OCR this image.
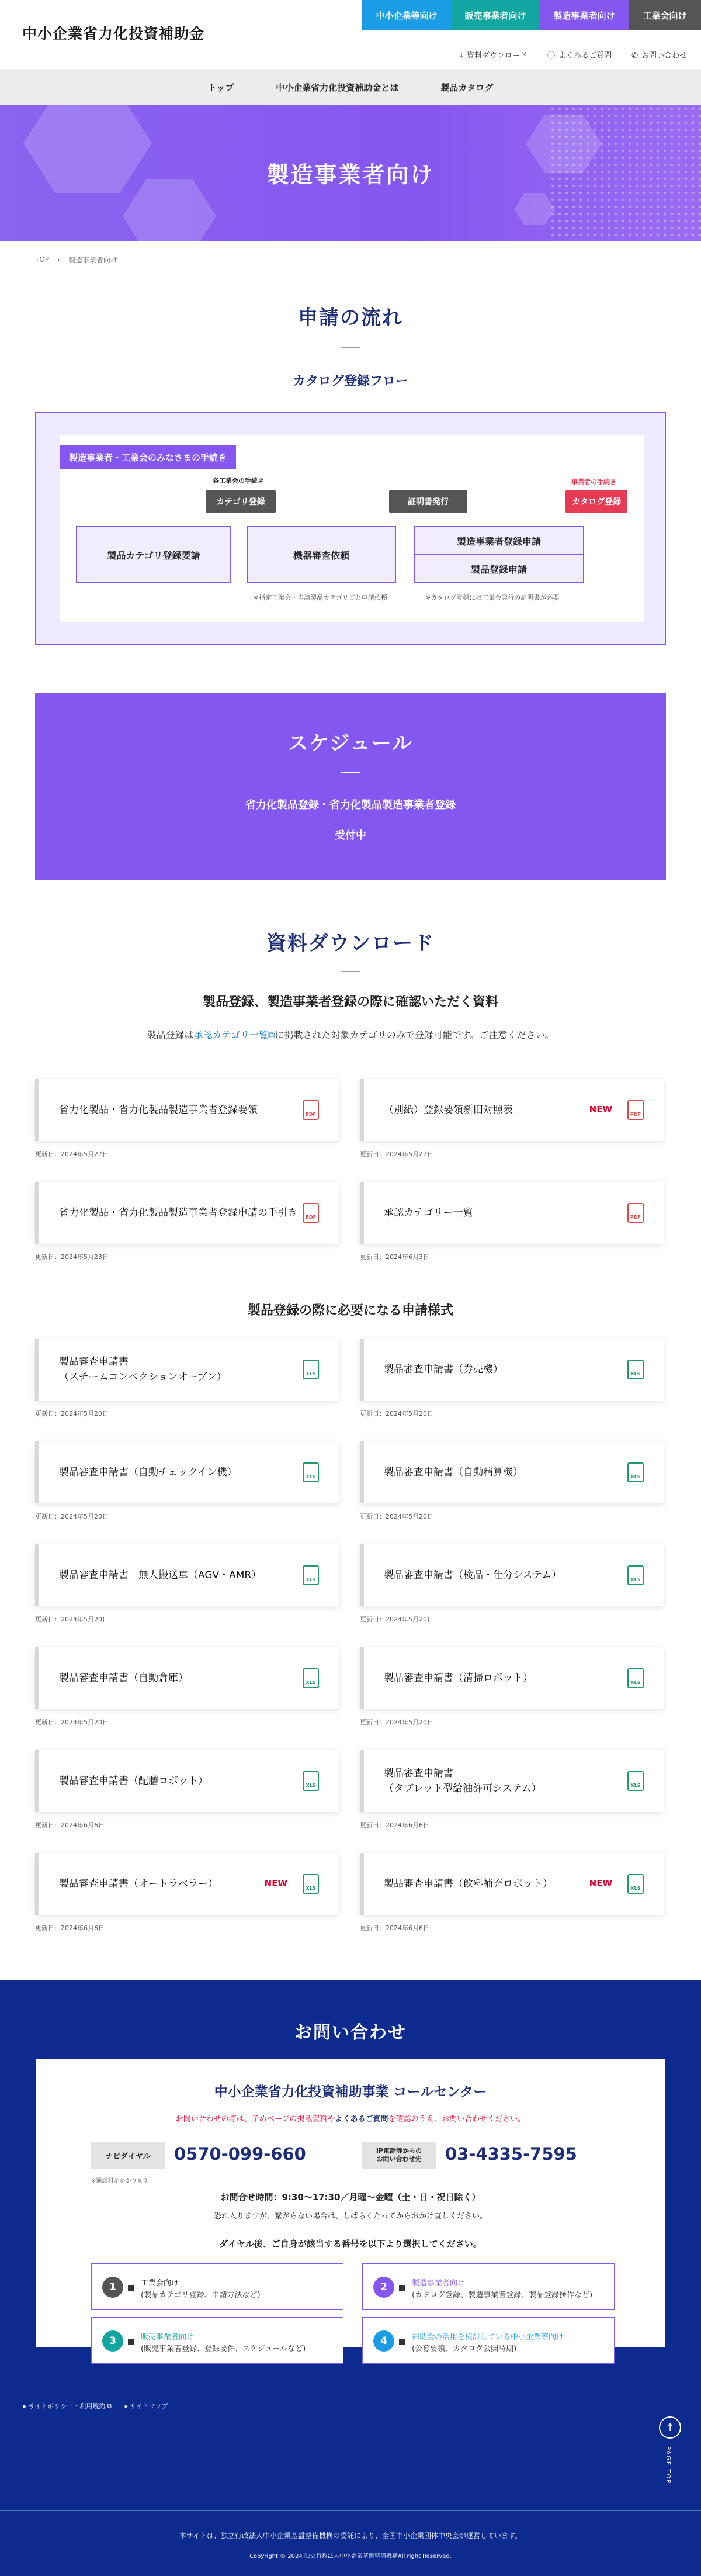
中小企業省力化投資補助金
中小企業等向け	販売事業者向け	製造事業者向け	工業会向け
⤓ 資料ダウンロード	ⓘ よくあるご質問	✆ お問い合わせ
トップ	中小企業省力化投資補助金とは	製品カタログ
製造事業者向け
TOP › 製造事業者向け
申請の流れ
カタログ登録フロー
製造事業者・工業会のみなさまの手続き
各工業会の手続き
カテゴリ登録	証明書発行
事業者の手続き
カタログ登録
製品カテゴリ登録要請	機器審査依頼
製造事業者登録申請
製品登録申請
※指定工業会・当該製品カテゴリごと申請依頼	※カタログ登録には工業会発行の証明書が必要
スケジュール
省力化製品登録・省力化製品製造事業者登録
受付中
資料ダウンロード
製品登録、製造事業者登録の際に確認いただく資料
製品登録は承認カテゴリ一覧⧉に掲載された対象カテゴリのみで登録可能です。ご注意ください。
省力化製品・省力化製品製造事業者登録要領	PDF
更新日：2024年5月27日
（別紙）登録要領新旧対照表	NEW	PDF
更新日：2024年5月27日
省力化製品・省力化製品製造事業者登録申請の手引き	PDF
更新日：2024年5月23日
承認カテゴリー一覧	PDF
更新日：2024年6月3日
製品登録の際に必要になる申請様式
製品審査申請書
（スチームコンベクションオーブン）	XLS
更新日：2024年5月20日
製品審査申請書（券売機）	XLS
更新日：2024年5月20日
製品審査申請書（自動チェックイン機）	XLS
更新日：2024年5月20日
製品審査申請書（自動精算機）	XLS
更新日：2024年5月20日
製品審査申請書　無人搬送車（AGV・AMR）	XLS
更新日：2024年5月20日
製品審査申請書（検品・仕分システム）	XLS
更新日：2024年5月20日
製品審査申請書（自動倉庫）	XLS
更新日：2024年5月20日
製品審査申請書（清掃ロボット）	XLS
更新日：2024年5月20日
製品審査申請書（配膳ロボット）	XLS
更新日：2024年6月6日
製品審査申請書
（タブレット型給油許可システム）	XLS
更新日：2024年6月6日
製品審査申請書（オートラベラー）	NEW	XLS
更新日：2024年6月6日
製品審査申請書（飲料補充ロボット）	NEW	XLS
更新日：2024年6月6日
お問い合わせ
中小企業省力化投資補助事業 コールセンター
お問い合わせの際は、予めページの掲載資料やよくあるご質問を確認のうえ、お問い合わせください。
ナビダイヤル	0570-099-660	IP電話等からの
お問い合わせ先	03-4335-7595
※通話料がかかります
お問合せ時間：9:30〜17:30／月曜〜金曜（土・日・祝日除く）
恐れ入りますが、繋がらない場合は、しばらくたってからおかけ直しください。
ダイヤル後、ご自身が該当する番号を以下より選択してください。
1	工業会向け
(製品カテゴリ登録、申請方法など)
2	製造事業者向け
(カタログ登録、製造事業者登録、製品登録操作など)
3	販売事業者向け
(販売事業者登録、登録要件、スケジュールなど)
4	補助金の活用を検討している中小企業等向け
(公募要領、カタログ公開時期)
▸ サイトポリシー・利用規約 ⧉ ▸ サイトマップ
↑
PAGE TOP
本サイトは、独立行政法人中小企業基盤整備機構の委託により、全国中小企業団体中央会が運営しています。
Copyright © 2024 独立行政法人中小企業基盤整備機構All right Reserved.
